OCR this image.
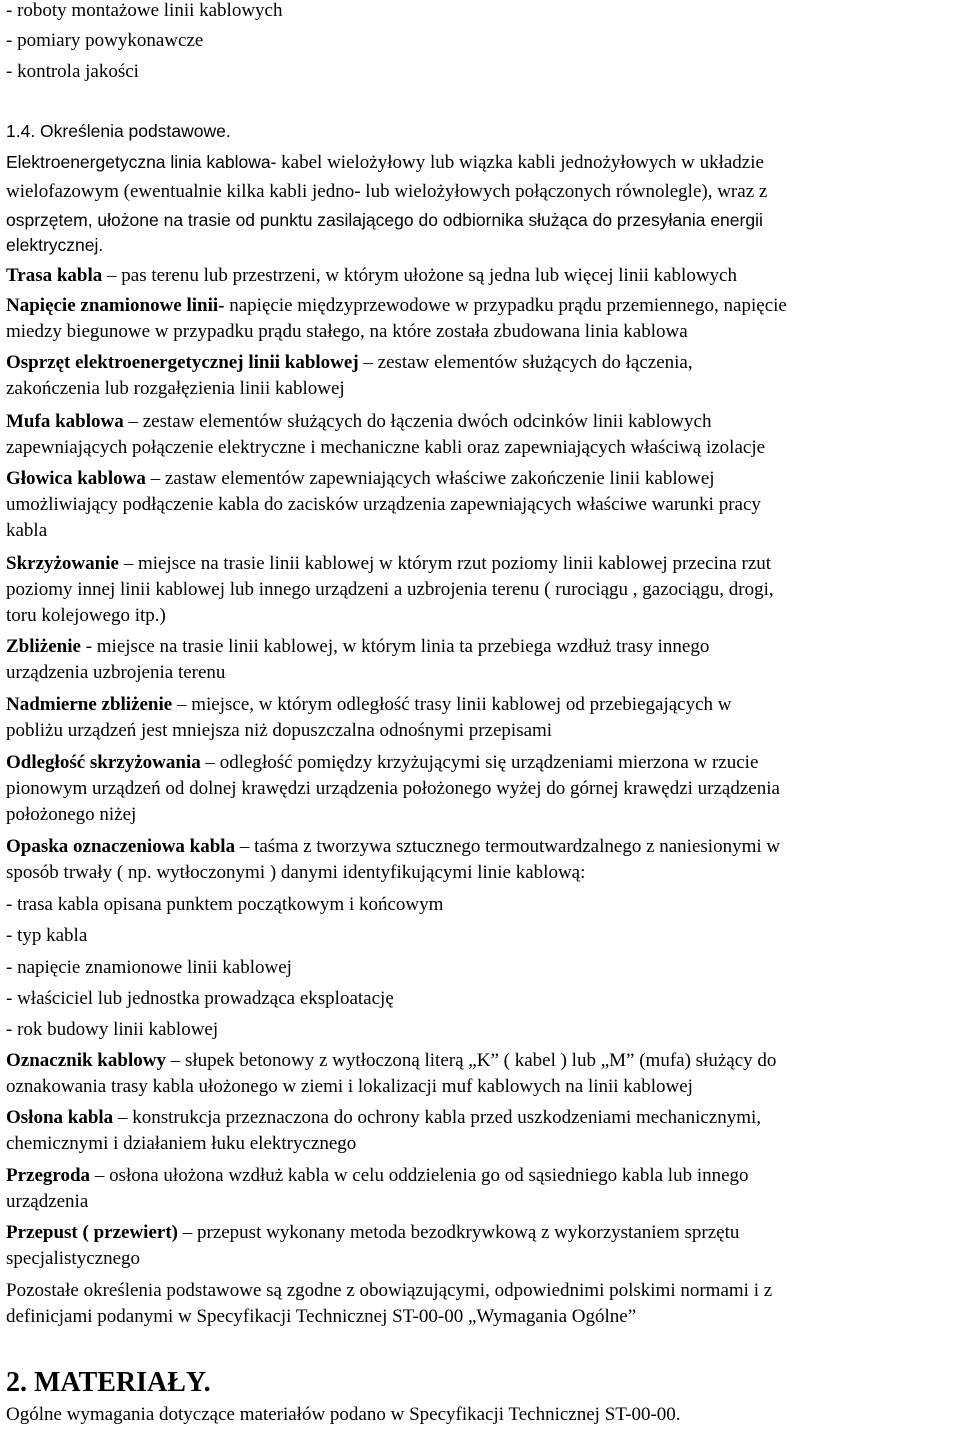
- roboty montażowe linii kablowych
- pomiary powykonawcze
- kontrola jakości
1.4. Określenia podstawowe.
Elektroenergetyczna linia kablowa- kabel wielożyłowy lub wiązka kabli jednożyłowych w układzie
wielofazowym (ewentualnie kilka kabli jedno- lub wielożyłowych połączonych równolegle), wraz z
osprzętem, ułożone na trasie od punktu zasilającego do odbiornika służąca do przesyłania energii
elektrycznej.
Trasa kabla – pas terenu lub przestrzeni, w którym ułożone są jedna lub więcej linii kablowych
Napięcie znamionowe linii- napięcie międzyprzewodowe w przypadku prądu przemiennego, napięcie
miedzy biegunowe w przypadku prądu stałego, na które została zbudowana linia kablowa
Osprzęt elektroenergetycznej linii kablowej – zestaw elementów służących do łączenia,
zakończenia lub rozgałęzienia linii kablowej
Mufa kablowa – zestaw elementów służących do łączenia dwóch odcinków linii kablowych
zapewniających połączenie elektryczne i mechaniczne kabli oraz zapewniających właściwą izolacje
Głowica kablowa – zastaw elementów zapewniających właściwe zakończenie linii kablowej
umożliwiający podłączenie kabla do zacisków urządzenia zapewniających właściwe warunki pracy
kabla
Skrzyżowanie – miejsce na trasie linii kablowej w którym rzut poziomy linii kablowej przecina rzut
poziomy innej linii kablowej lub innego urządzeni a uzbrojenia terenu ( rurociągu , gazociągu, drogi,
toru kolejowego itp.)
Zbliżenie - miejsce na trasie linii kablowej, w którym linia ta przebiega wzdłuż trasy innego
urządzenia uzbrojenia terenu
Nadmierne zbliżenie – miejsce, w którym odległość trasy linii kablowej od przebiegających w
pobliżu urządzeń jest mniejsza niż dopuszczalna odnośnymi przepisami
Odległość skrzyżowania – odległość pomiędzy krzyżującymi się urządzeniami mierzona w rzucie
pionowym urządzeń od dolnej krawędzi urządzenia położonego wyżej do górnej krawędzi urządzenia
położonego niżej
Opaska oznaczeniowa kabla – taśma z tworzywa sztucznego termoutwardzalnego z naniesionymi w
sposób trwały ( np. wytłoczonymi ) danymi identyfikującymi linie kablową:
- trasa kabla opisana punktem początkowym i końcowym
- typ kabla
- napięcie znamionowe linii kablowej
- właściciel lub jednostka prowadząca eksploatację
- rok budowy linii kablowej
Oznacznik kablowy – słupek betonowy z wytłoczoną literą „K” ( kabel ) lub „M” (mufa) służący do
oznakowania trasy kabla ułożonego w ziemi i lokalizacji muf kablowych na linii kablowej
Osłona kabla – konstrukcja przeznaczona do ochrony kabla przed uszkodzeniami mechanicznymi,
chemicznymi i działaniem łuku elektrycznego
Przegroda – osłona ułożona wzdłuż kabla w celu oddzielenia go od sąsiedniego kabla lub innego
urządzenia
Przepust ( przewiert) – przepust wykonany metoda bezodkrywkową z wykorzystaniem sprzętu
specjalistycznego
Pozostałe określenia podstawowe są zgodne z obowiązującymi, odpowiednimi polskimi normami i z
definicjami podanymi w Specyfikacji Technicznej ST-00-00 „Wymagania Ogólne”
2. MATERIAŁY.
Ogólne wymagania dotyczące materiałów podano w Specyfikacji Technicznej ST-00-00.
